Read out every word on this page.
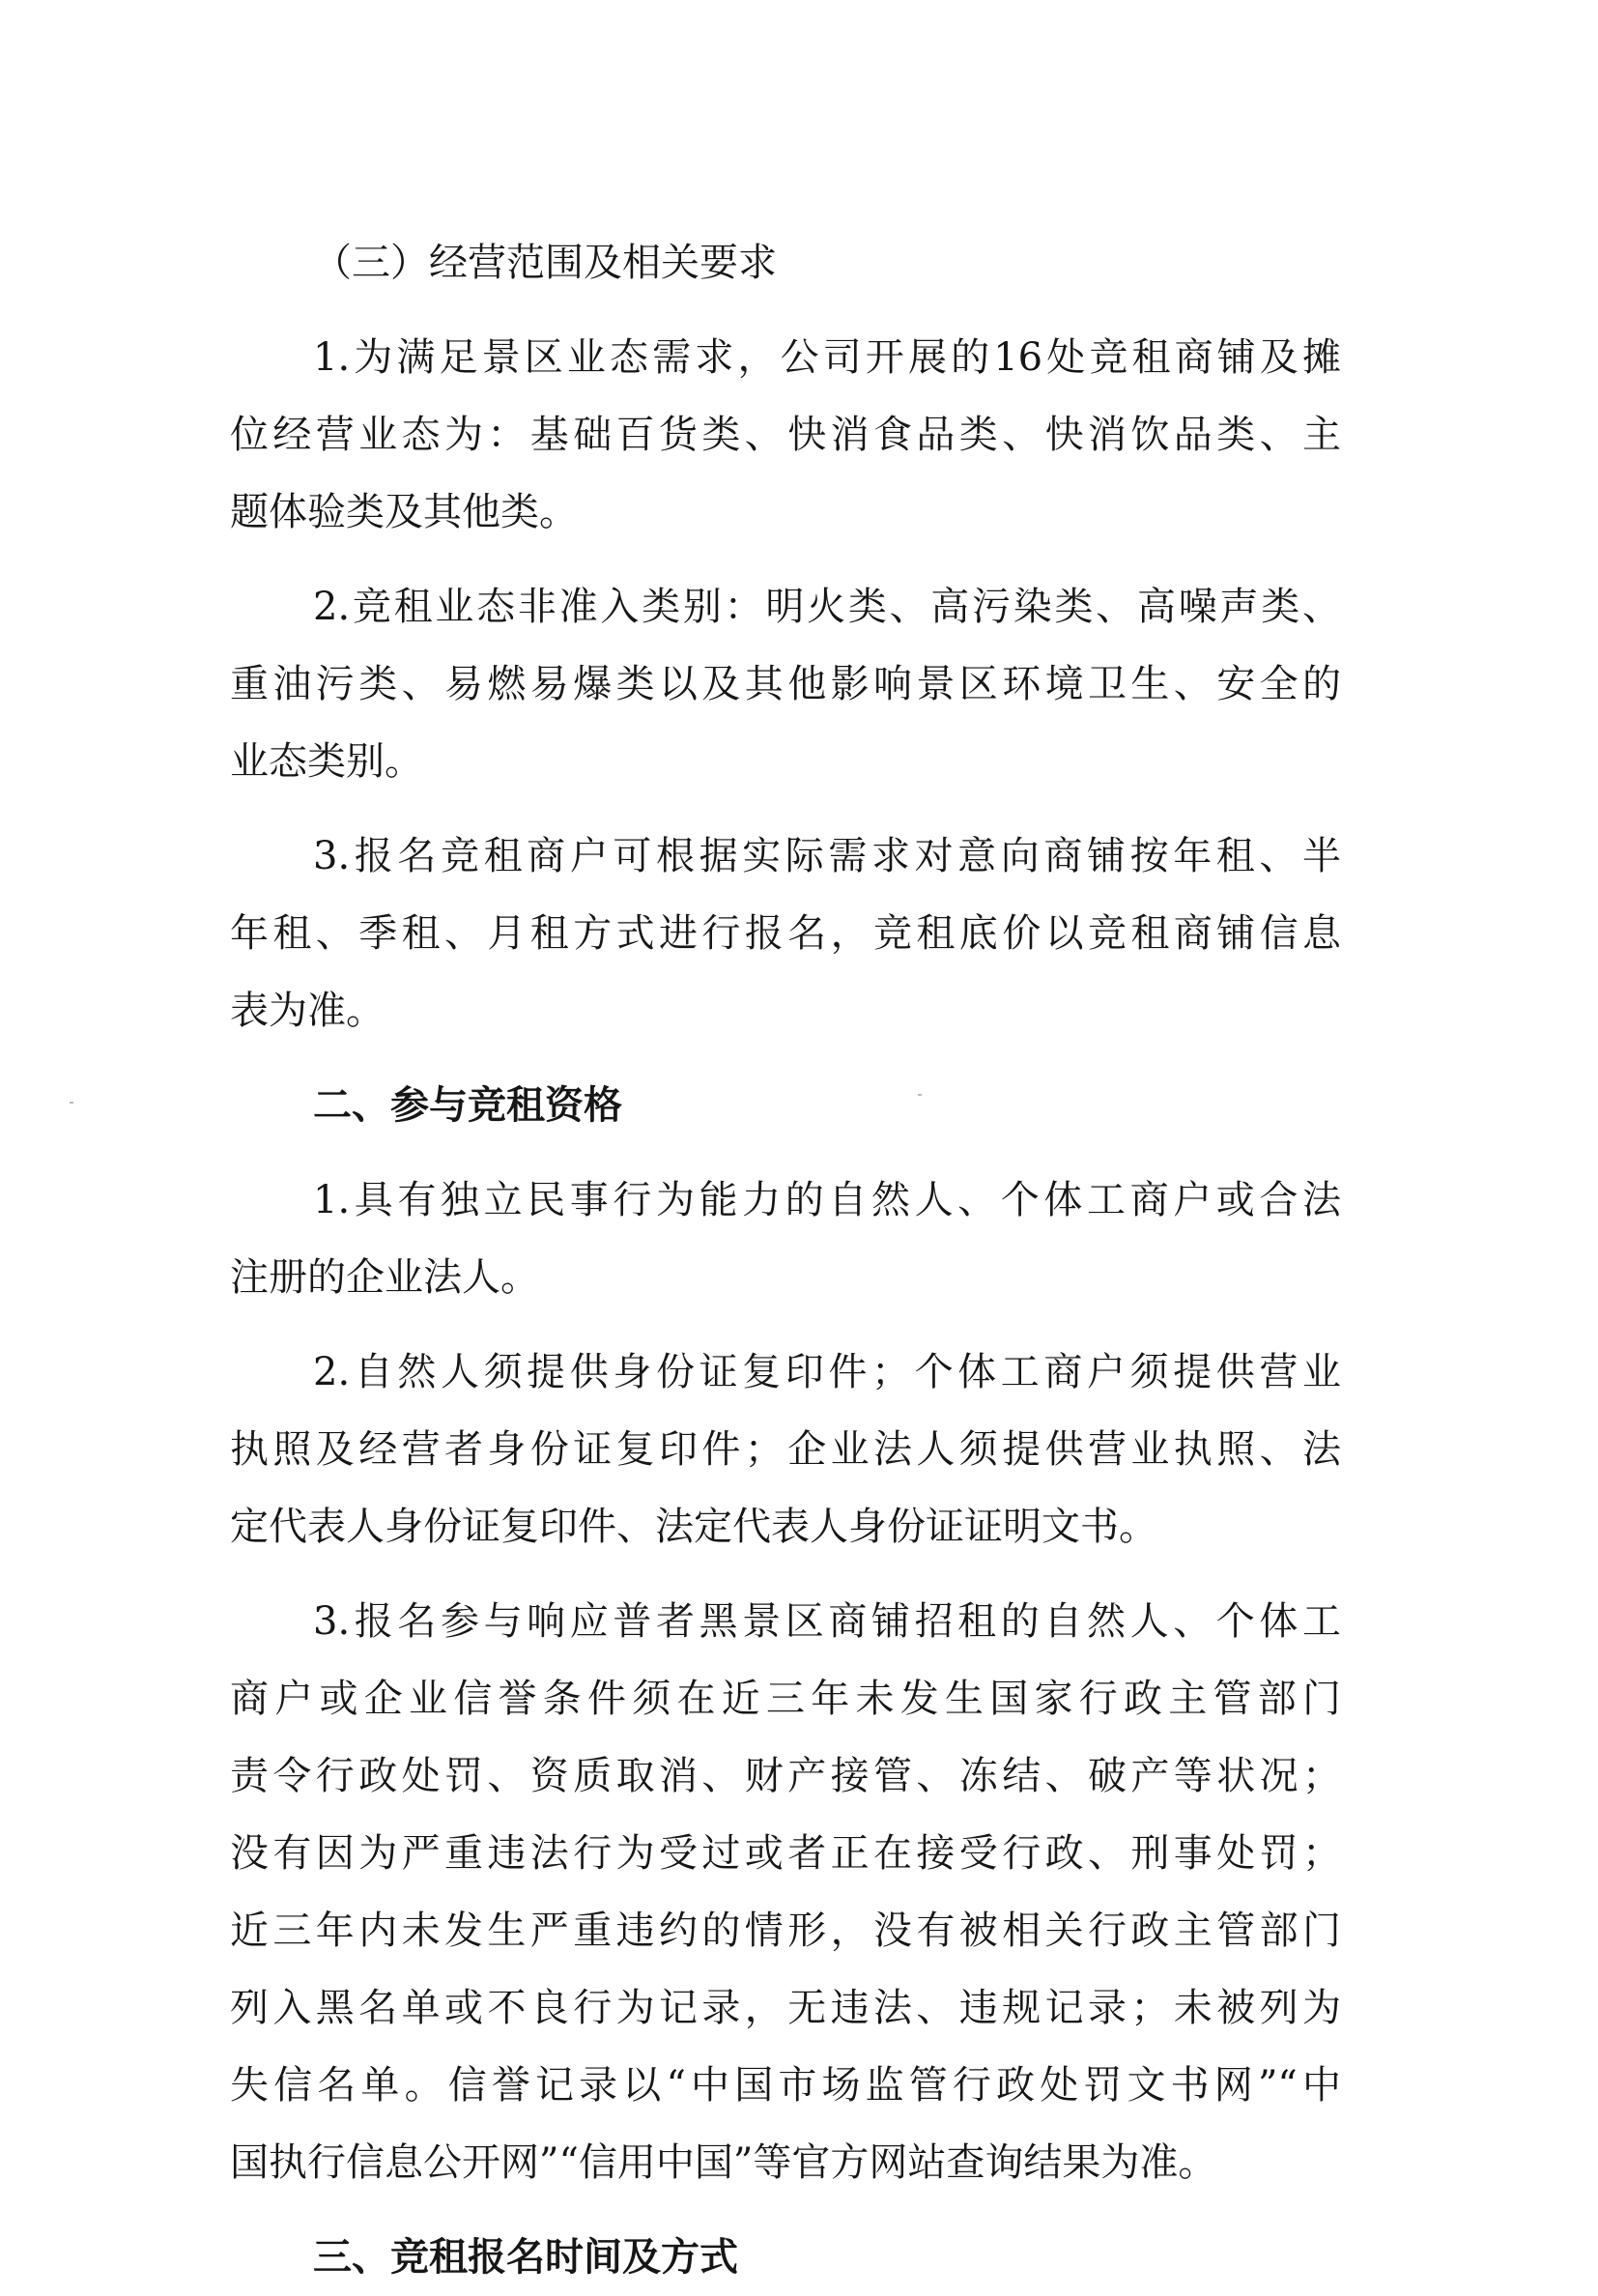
（三）经营范围及相关要求
1.为满足景区业态需求，公司开展的16处竞租商铺及摊
位经营业态为：基础百货类、快消食品类、快消饮品类、主
题体验类及其他类。
2.竞租业态非准入类别：明火类、高污染类、高噪声类、
重油污类、易燃易爆类以及其他影响景区环境卫生、安全的
业态类别。
3.报名竞租商户可根据实际需求对意向商铺按年租、半
年租、季租、月租方式进行报名，竞租底价以竞租商铺信息
表为准。
二、参与竞租资格
1.具有独立民事行为能力的自然人、个体工商户或合法
注册的企业法人。
2.自然人须提供身份证复印件；个体工商户须提供营业
执照及经营者身份证复印件；企业法人须提供营业执照、法
定代表人身份证复印件、法定代表人身份证证明文书。
3.报名参与响应普者黑景区商铺招租的自然人、个体工
商户或企业信誉条件须在近三年未发生国家行政主管部门
责令行政处罚、资质取消、财产接管、冻结、破产等状况；
没有因为严重违法行为受过或者正在接受行政、刑事处罚；
近三年内未发生严重违约的情形，没有被相关行政主管部门
列入黑名单或不良行为记录，无违法、违规记录；未被列为
失信名单。信誉记录以“中国市场监管行政处罚文书网”“中
国执行信息公开网”“信用中国”等官方网站查询结果为准。
三、竞租报名时间及方式
